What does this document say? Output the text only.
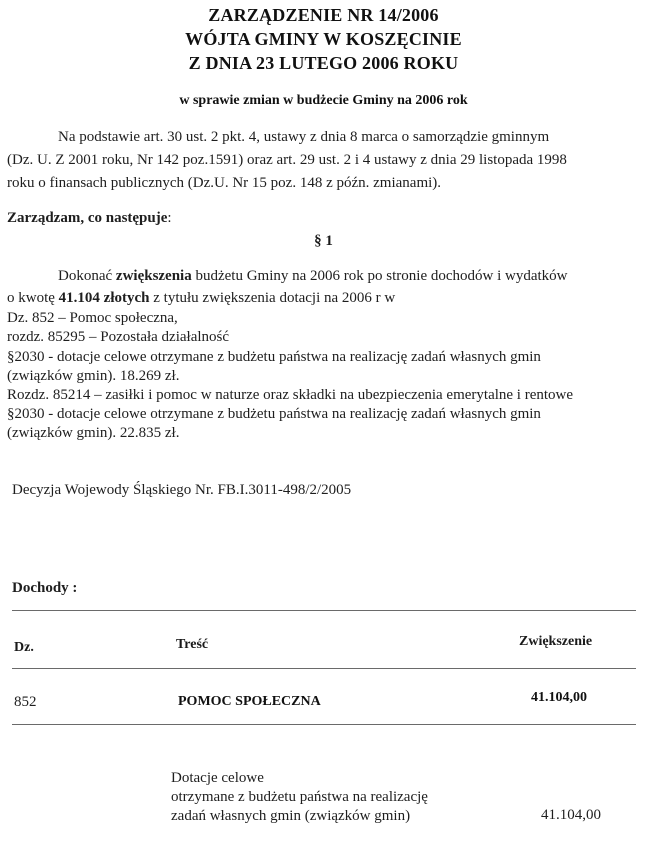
ZARZĄDZENIE NR 14/2006
WÓJTA GMINY W KOSZĘCINIE
Z DNIA 23 LUTEGO 2006 ROKU
w sprawie zmian w budżecie Gminy na 2006 rok
Na podstawie art. 30 ust. 2 pkt. 4, ustawy z dnia 8 marca o samorządzie gminnym
(Dz. U. Z 2001 roku, Nr 142 poz.1591) oraz art. 29 ust. 2 i 4 ustawy z dnia 29 listopada 1998
roku o finansach publicznych (Dz.U. Nr 15 poz. 148 z późn. zmianami).
Zarządzam, co następuje:
§ 1
Dokonać zwiększenia budżetu Gminy na 2006 rok po stronie dochodów i wydatków
o kwotę 41.104 złotych z tytułu zwiększenia dotacji na 2006 r w
Dz. 852 – Pomoc społeczna,
rozdz. 85295 – Pozostała działalność
§2030 - dotacje celowe otrzymane z budżetu państwa na realizację zadań własnych gmin
(związków gmin). 18.269 zł.
Rozdz. 85214 – zasiłki i pomoc w naturze oraz składki na ubezpieczenia emerytalne i rentowe
§2030 - dotacje celowe otrzymane z budżetu państwa na realizację zadań własnych gmin
(związków gmin). 22.835 zł.
Decyzja Wojewody Śląskiego Nr. FB.I.3011-498/2/2005
Dochody :
Dz.	Treść	Zwiększenie
852	POMOC SPOŁECZNA	41.104,00
Dotacje celowe
otrzymane z budżetu państwa na realizację
zadań własnych gmin (związków gmin)	41.104,00
